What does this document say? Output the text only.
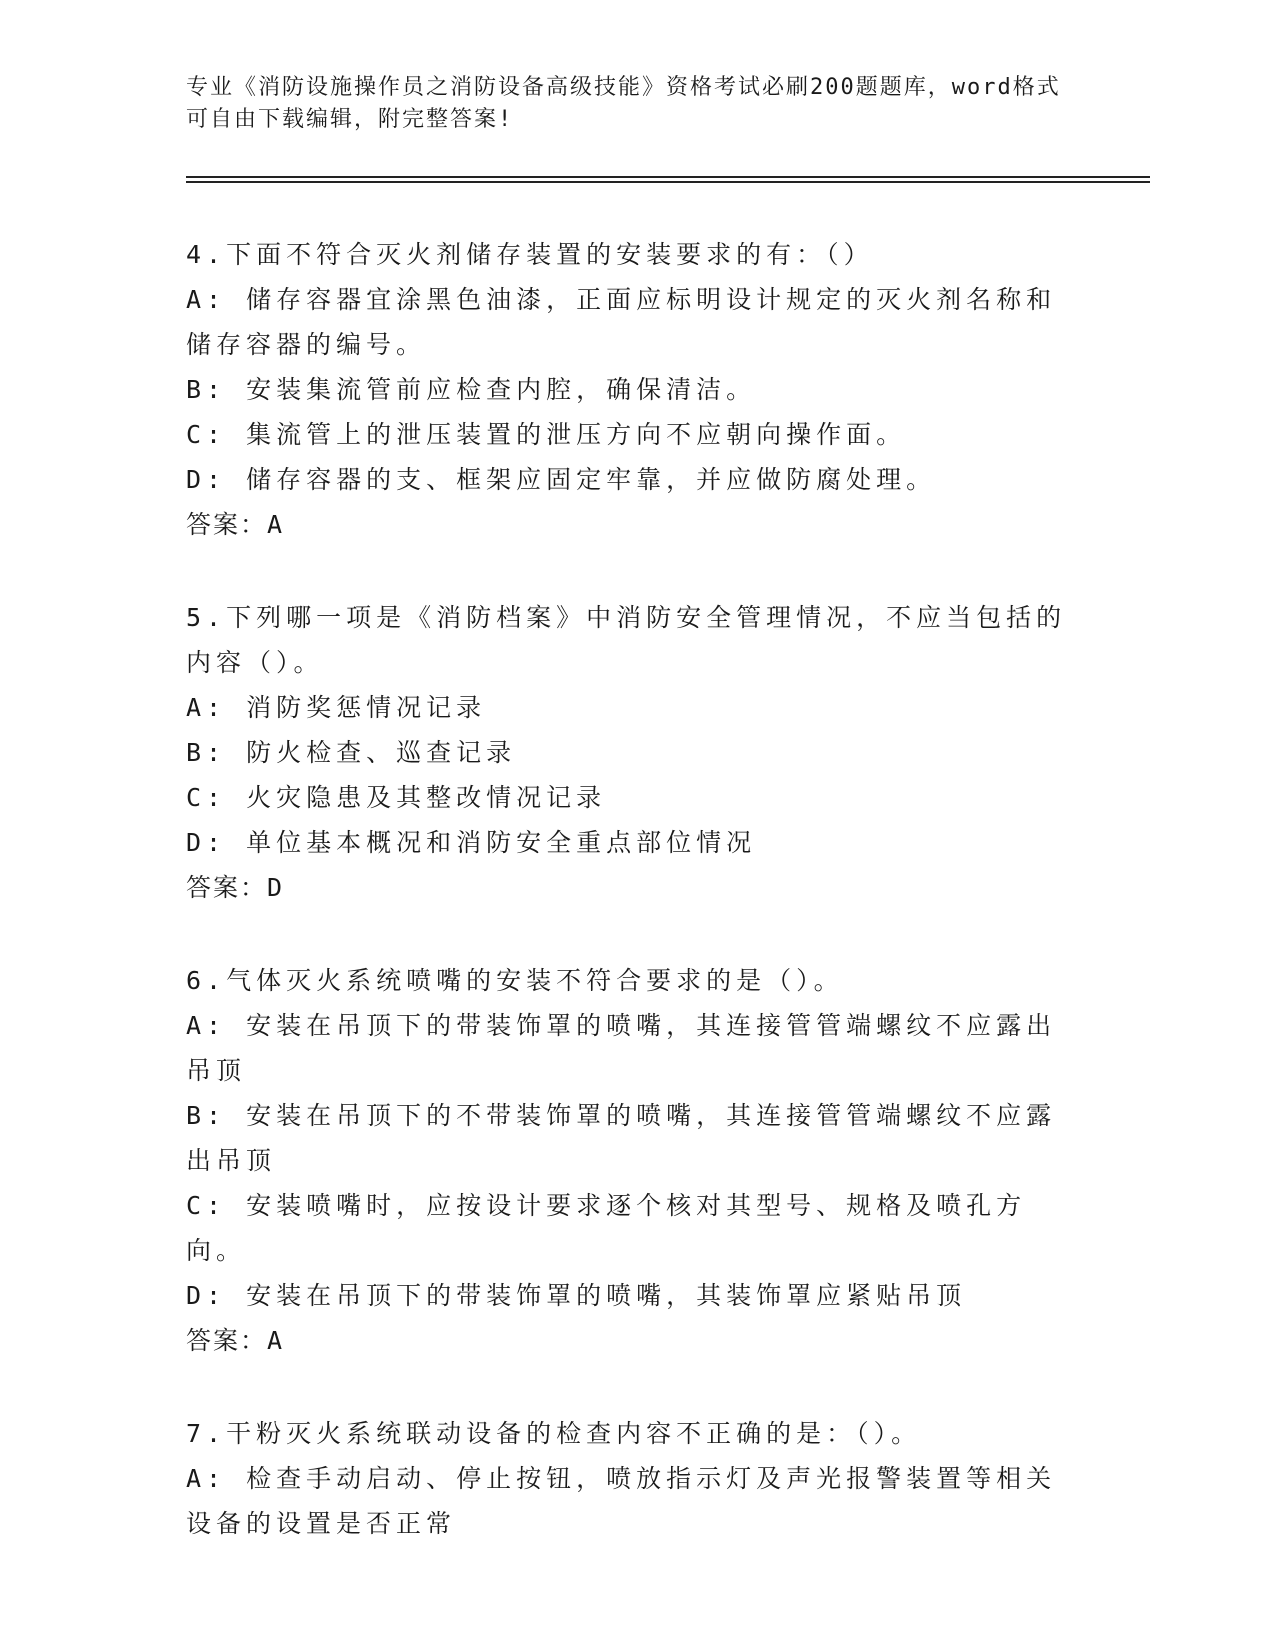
专业《消防设施操作员之消防设备高级技能》资格考试必刷200题题库，word格式可自由下载编辑，附完整答案!
4.下面不符合灭火剂储存装置的安装要求的有：（）
A: 储存容器宜涂黑色油漆，正面应标明设计规定的灭火剂名称和储存容器的编号。
B: 安装集流管前应检查内腔，确保清洁。
C: 集流管上的泄压装置的泄压方向不应朝向操作面。
D: 储存容器的支、框架应固定牢靠，并应做防腐处理。
答案：A
5.下列哪一项是《消防档案》中消防安全管理情况，不应当包括的内容（）。
A: 消防奖惩情况记录
B: 防火检查、巡查记录
C: 火灾隐患及其整改情况记录
D: 单位基本概况和消防安全重点部位情况
答案：D
6.气体灭火系统喷嘴的安装不符合要求的是（）。
A: 安装在吊顶下的带装饰罩的喷嘴，其连接管管端螺纹不应露出吊顶
B: 安装在吊顶下的不带装饰罩的喷嘴，其连接管管端螺纹不应露出吊顶
C: 安装喷嘴时，应按设计要求逐个核对其型号、规格及喷孔方向。
D: 安装在吊顶下的带装饰罩的喷嘴，其装饰罩应紧贴吊顶
答案：A
7.干粉灭火系统联动设备的检查内容不正确的是：（）。
A: 检查手动启动、停止按钮，喷放指示灯及声光报警装置等相关设备的设置是否正常
